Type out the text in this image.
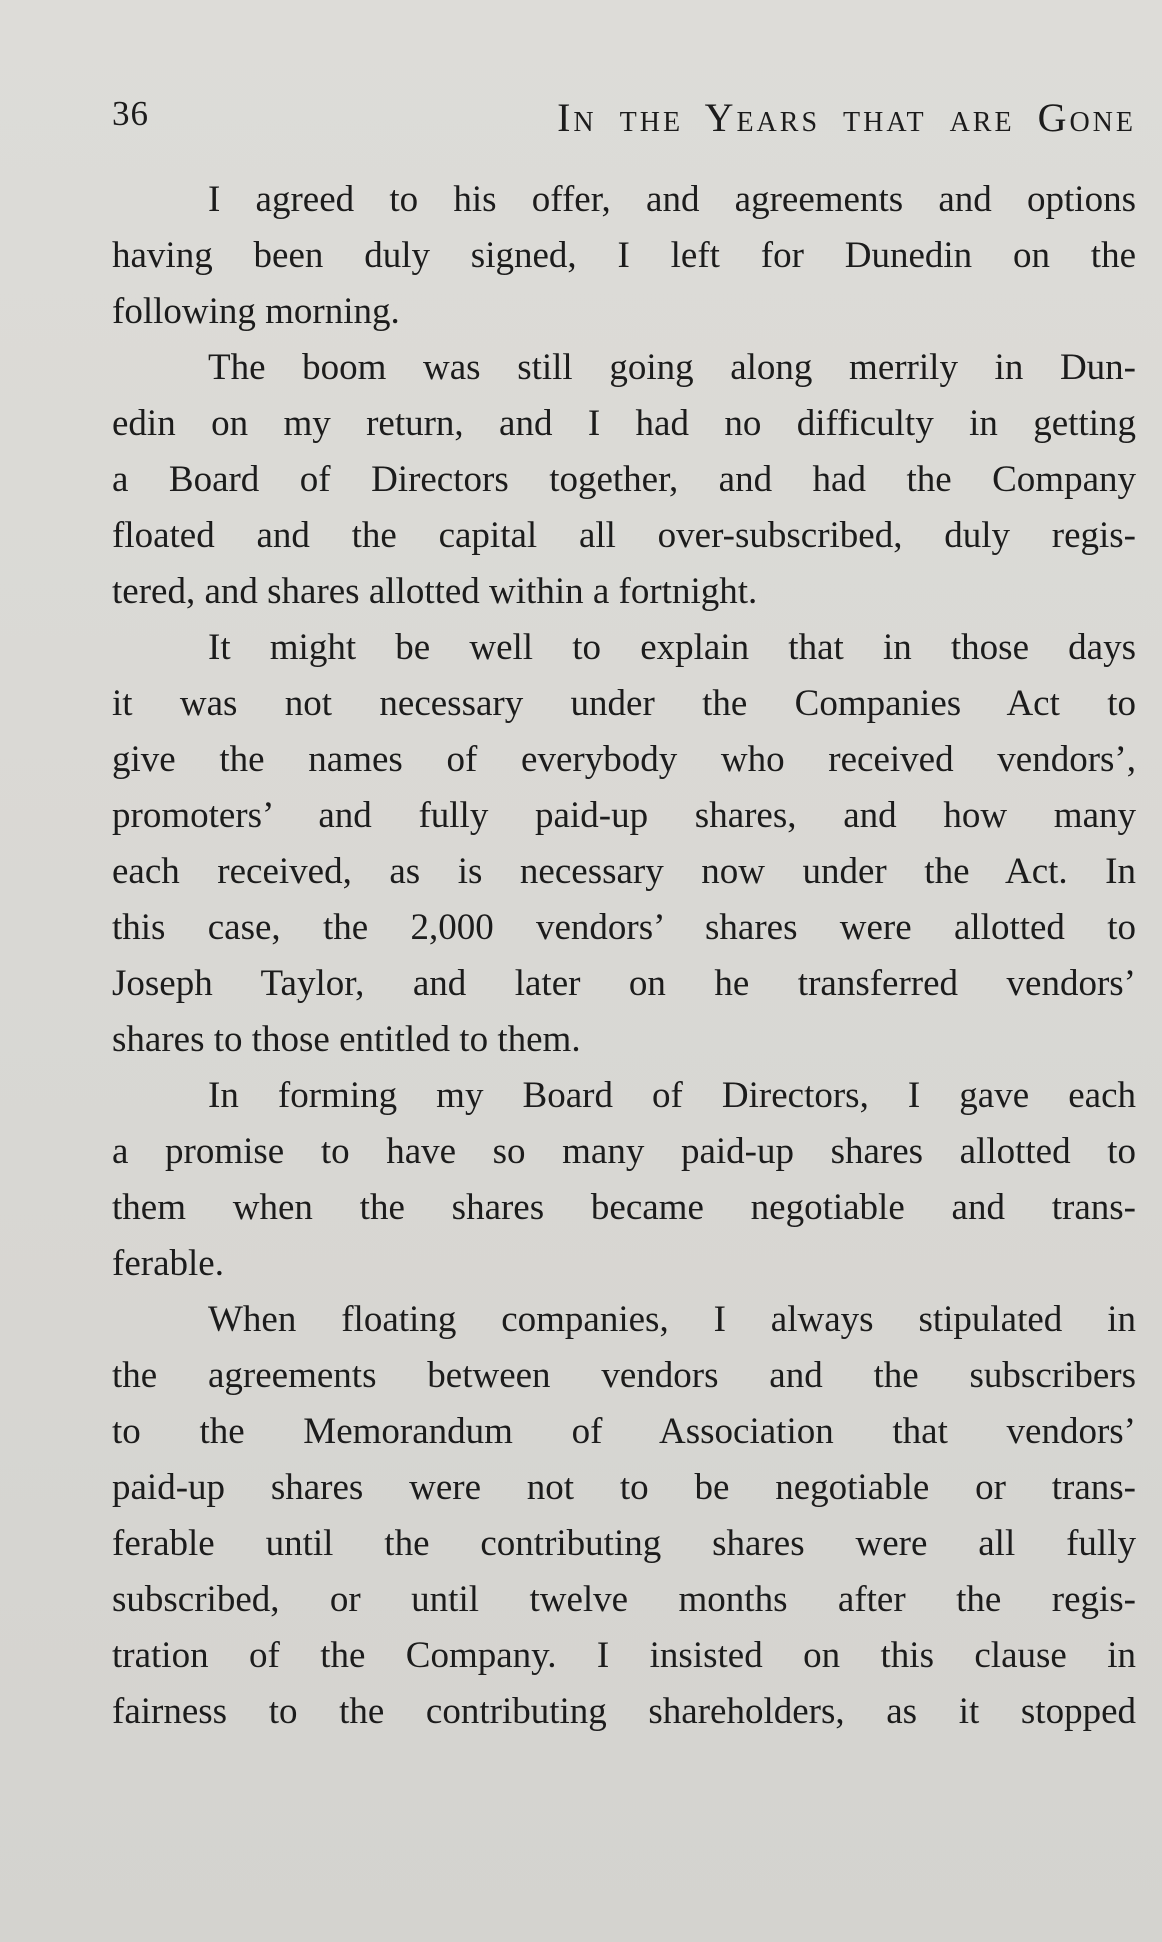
36	In the Years that are Gone
I agreed to his offer, and agreements and options
having been duly signed, I left for Dunedin on the
following morning.
The boom was still going along merrily in Dun-
edin on my return, and I had no difficulty in getting
a Board of Directors together, and had the Company
floated and the capital all over-subscribed, duly regis-
tered, and shares allotted within a fortnight.
It might be well to explain that in those days
it was not necessary under the Companies Act to
give the names of everybody who received vendors’,
promoters’ and fully paid-up shares, and how many
each received, as is necessary now under the Act. In
this case, the 2,000 vendors’ shares were allotted to
Joseph Taylor, and later on he transferred vendors’
shares to those entitled to them.
In forming my Board of Directors, I gave each
a promise to have so many paid-up shares allotted to
them when the shares became negotiable and trans-
ferable.
When floating companies, I always stipulated in
the agreements between vendors and the subscribers
to the Memorandum of Association that vendors’
paid-up shares were not to be negotiable or trans-
ferable until the contributing shares were all fully
subscribed, or until twelve months after the regis-
tration of the Company. I insisted on this clause in
fairness to the contributing shareholders, as it stopped
